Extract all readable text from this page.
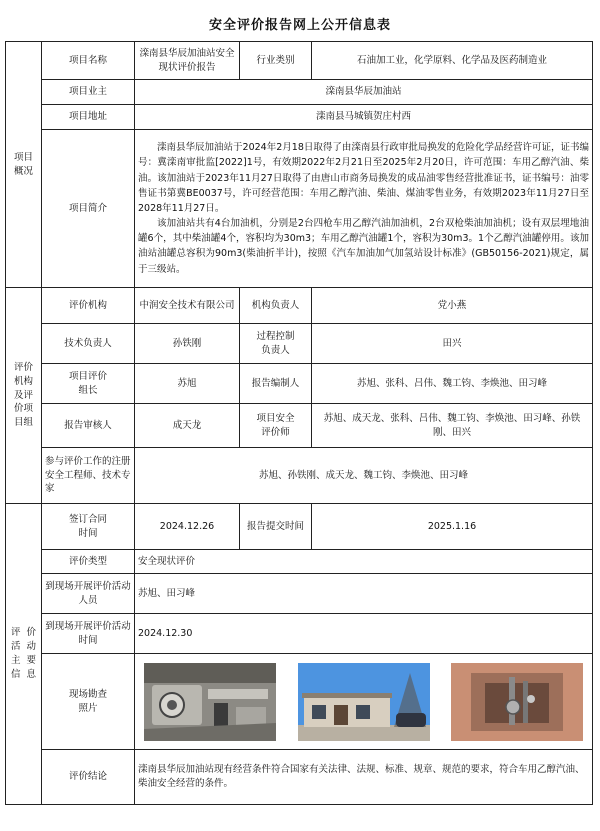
安全评价报告网上公开信息表
项目
概况	项目名称	滦南县华辰加油站安全现状评价报告	行业类别	石油加工业，化学原料、化学品及医药制造业
	项目业主	滦南县华辰加油站		
	项目地址	滦南县马城镇贺庄村西		
	项目简介	滦南县华辰加油站于2024年2月18日取得了由滦南县行政审批局换发的危险化学品经营许可证，证书编号：冀滦南审批监[2022]1号，有效期2022年2月21日至2025年2月20日，许可范围：车用乙醇汽油、柴油。该加油站于2023年11月27日取得了由唐山市商务局换发的成品油零售经营批准证书，证书编号：油零售证书第冀BE0037号，许可经营范围：车用乙醇汽油、柴油、煤油零售业务，有效期2023年11月27日至2028年11月27日。

该加油站共有4台加油机，分别是2台四枪车用乙醇汽油加油机，2台双枪柴油加油机；设有双层埋地油罐6个，其中柴油罐4个，容积均为30m3；车用乙醇汽油罐1个，容积为30m3。1个乙醇汽油罐停用。该加油站油罐总容积为90m3(柴油折半计)，按照《汽车加油加气加氢站设计标准》(GB50156-2021)规定，属于三级站。		

评价
机构
及评
价项
目组	评价机构	中润安全技术有限公司	机构负责人	党小燕
	技术负责人	孙铁刚	过程控制
负责人	田兴
	项目评价
组长	苏旭	报告编制人	苏旭、张科、吕伟、魏工钧、李焕池、田习峰
	报告审核人	成天龙	项目安全
评价师	苏旭、成天龙、张科、吕伟、魏工钧、李焕池、田习峰、孙铁刚、田兴
	参与评价工作的注册安全工程师、技术专家	苏旭、孙铁刚、成天龙、魏工钧、李焕池、田习峰		
评  价
活  动
主  要
信  息	签订合同
时间	2024.12.26	报告提交时间	2025.1.16
	评价类型	安全现状评价		
	到现场开展评价活动人员	苏旭、田习峰		
	到现场开展评价活动时间	2024.12.30		
	现场勘查
照片	

	评价结论	滦南县华辰加油站现有经营条件符合国家有关法律、法规、标准、规章、规范的要求，符合车用乙醇汽油、柴油安全经营的条件。		
